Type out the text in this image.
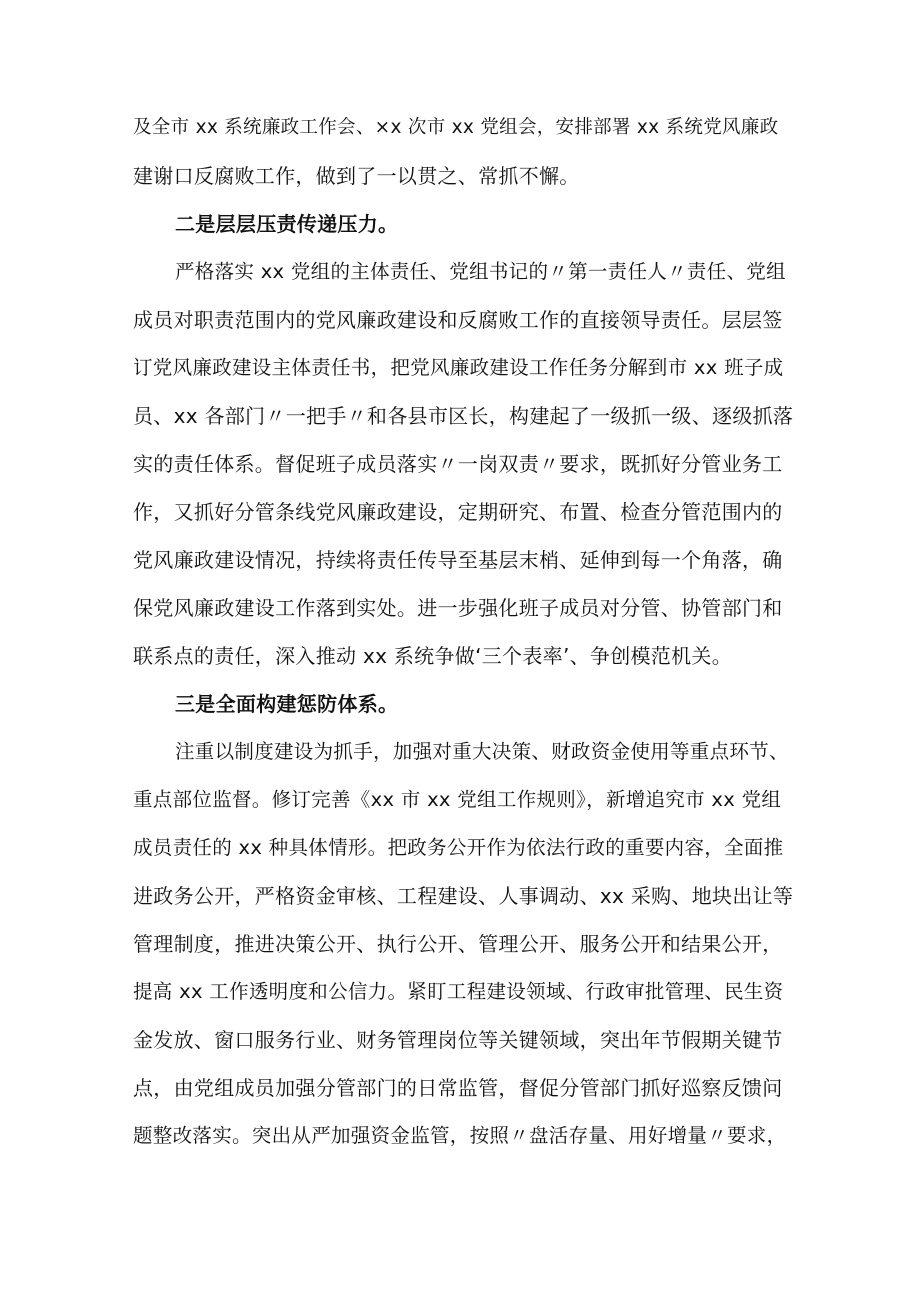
及全市 xx 系统廉政工作会、×x 次市 xx 党组会，安排部署 xx 系统党风廉政
建谢口反腐败工作，做到了一以贯之、常抓不懈。
二是层层压责传递压力。
严格落实 xx 党组的主体责任、党组书记的〃第一责任人〃责任、党组
成员对职责范围内的党风廉政建设和反腐败工作的直接领导责任。层层签
订党风廉政建设主体责任书，把党风廉政建设工作任务分解到市 xx 班子成
员、xx 各部门〃一把手〃和各县市区长，构建起了一级抓一级、逐级抓落
实的责任体系。督促班子成员落实〃一岗双责〃要求，既抓好分管业务工
作，又抓好分管条线党风廉政建设，定期研究、布置、检查分管范围内的
党风廉政建设情况，持续将责任传导至基层末梢、延伸到每一个角落，确
保党风廉政建设工作落到实处。进一步强化班子成员对分管、协管部门和
联系点的责任，深入推动 xx 系统争做‘三个表率’、争创模范机关。
三是全面构建惩防体系。
注重以制度建设为抓手，加强对重大决策、财政资金使用等重点环节、
重点部位监督。修订完善《xx 市 xx 党组工作规则》，新增追究市 xx 党组
成员责任的 xx 种具体情形。把政务公开作为依法行政的重要内容，全面推
进政务公开，严格资金审核、工程建设、人事调动、xx 采购、地块出让等
管理制度，推进决策公开、执行公开、管理公开、服务公开和结果公开，
提高 xx 工作透明度和公信力。紧盯工程建设领域、行政审批管理、民生资
金发放、窗口服务行业、财务管理岗位等关键领域，突出年节假期关键节
点，由党组成员加强分管部门的日常监管，督促分管部门抓好巡察反馈问
题整改落实。突出从严加强资金监管，按照〃盘活存量、用好增量〃要求，
